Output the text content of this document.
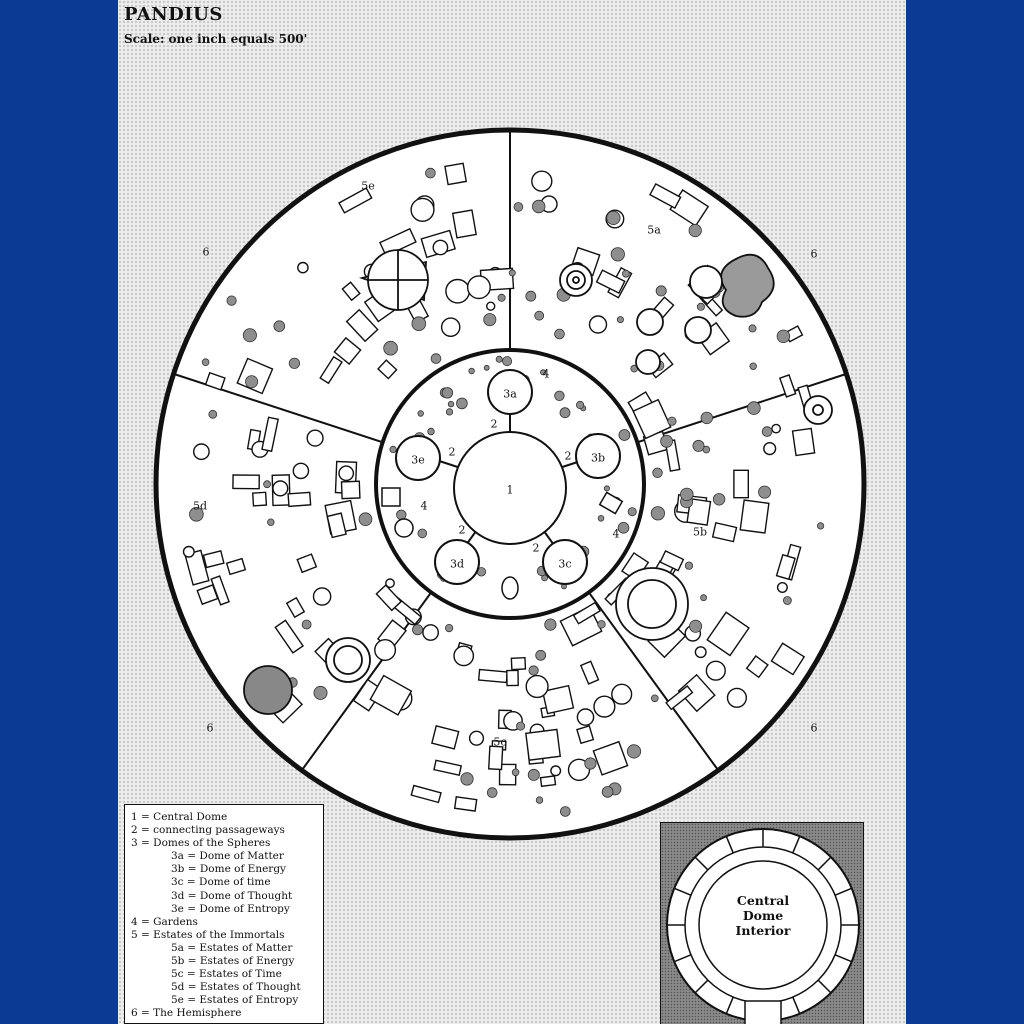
PANDIUS
Scale: one inch equals 500'
1
3a
3b
3c
3d
3e
2
2
2
2
2
4
4
4
5a
5b
5c
5d
5e
6	6
6	6
1 = Central Dome
2 = connecting passageways
3 = Domes of the Spheres
3a = Dome of Matter
3b = Dome of Energy
3c = Dome of time
3d = Dome of Thought
3e = Dome of Entropy
4 = Gardens
5 = Estates of the Immortals
5a = Estates of Matter
5b = Estates of Energy
5c = Estates of Time
5d = Estates of Thought
5e = Estates of Entropy
6 = The Hemisphere
Central
Dome
Interior
